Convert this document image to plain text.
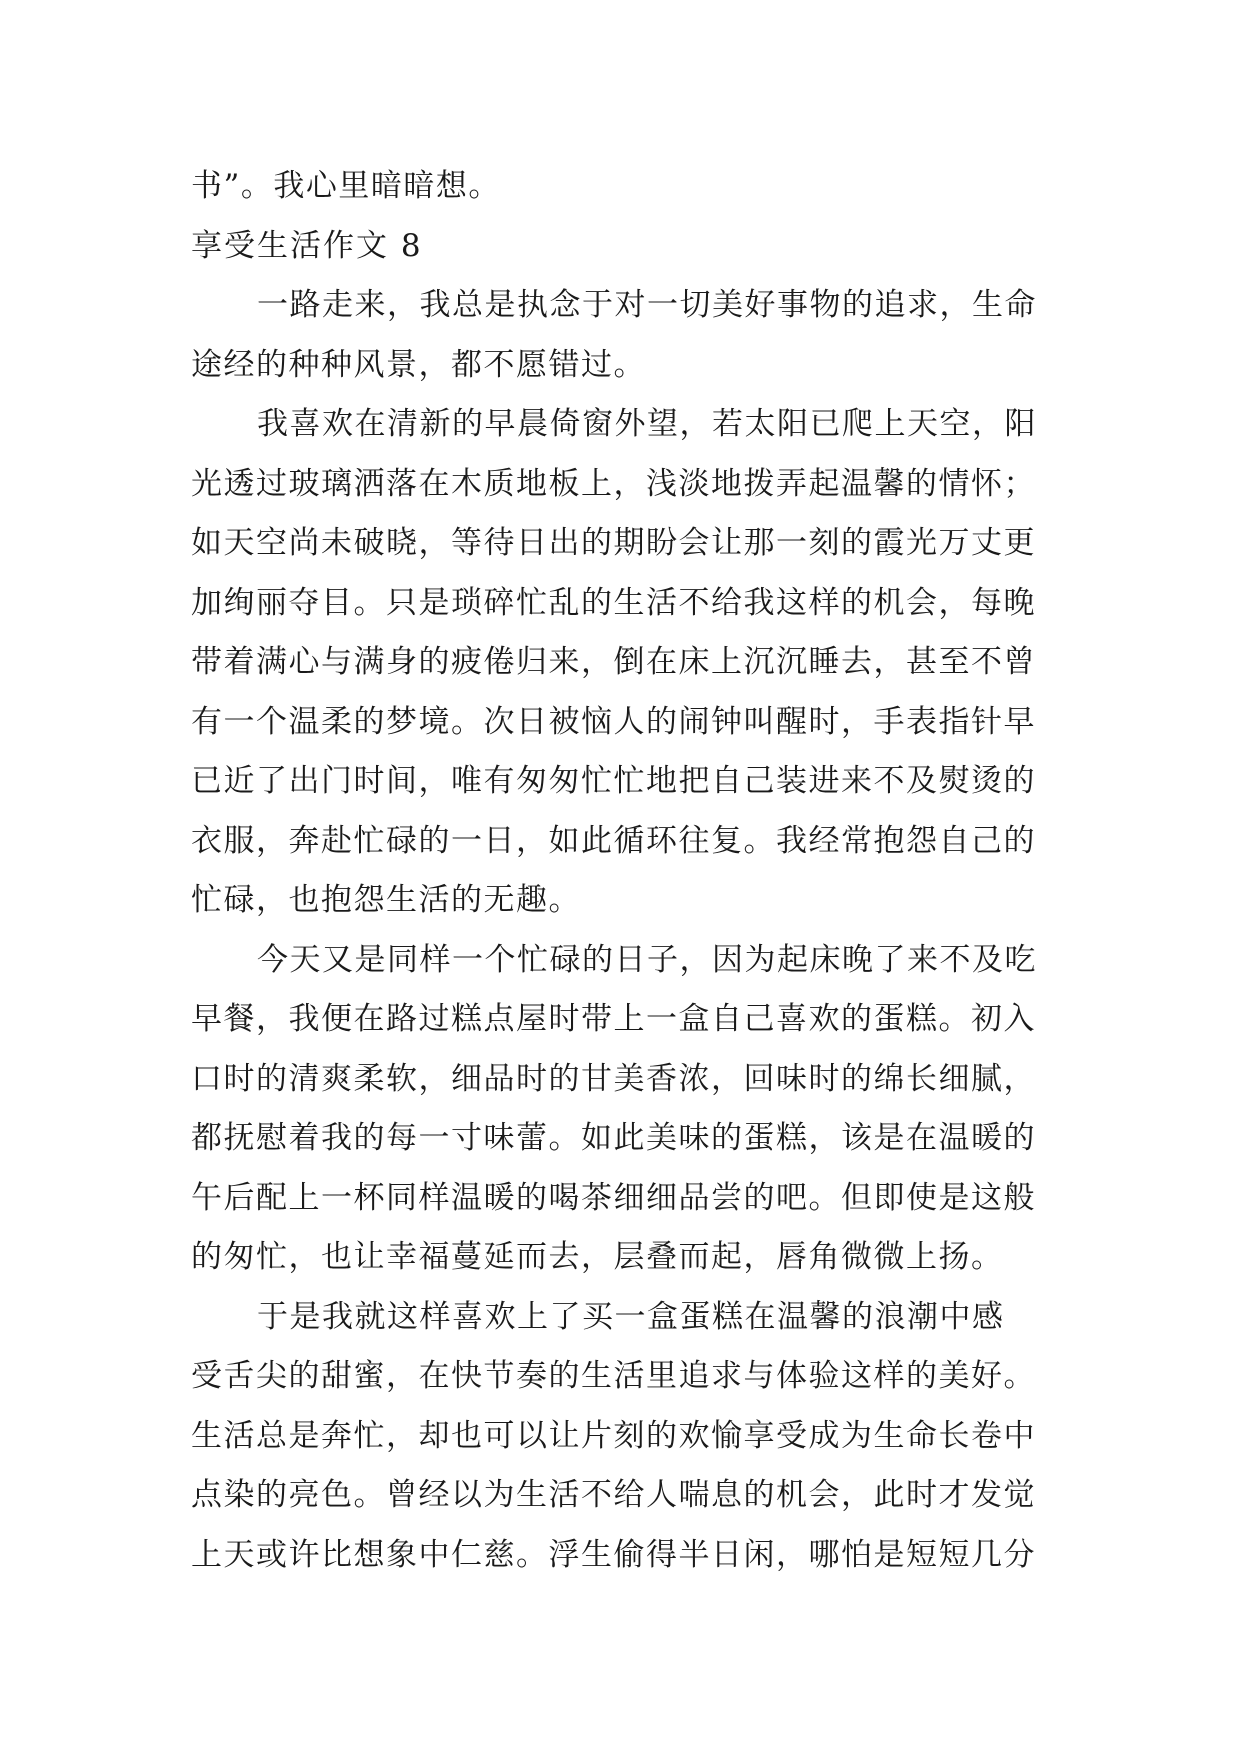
书”。我心里暗暗想。
享受生活作文 8
一路走来，我总是执念于对一切美好事物的追求，生命
途经的种种风景，都不愿错过。
我喜欢在清新的早晨倚窗外望，若太阳已爬上天空，阳
光透过玻璃洒落在木质地板上，浅淡地拨弄起温馨的情怀；
如天空尚未破晓，等待日出的期盼会让那一刻的霞光万丈更
加绚丽夺目。只是琐碎忙乱的生活不给我这样的机会，每晚
带着满心与满身的疲倦归来，倒在床上沉沉睡去，甚至不曾
有一个温柔的梦境。次日被恼人的闹钟叫醒时，手表指针早
已近了出门时间，唯有匆匆忙忙地把自己装进来不及熨烫的
衣服，奔赴忙碌的一日，如此循环往复。我经常抱怨自己的
忙碌，也抱怨生活的无趣。
今天又是同样一个忙碌的日子，因为起床晚了来不及吃
早餐，我便在路过糕点屋时带上一盒自己喜欢的蛋糕。初入
口时的清爽柔软，细品时的甘美香浓，回味时的绵长细腻，
都抚慰着我的每一寸味蕾。如此美味的蛋糕，该是在温暖的
午后配上一杯同样温暖的喝茶细细品尝的吧。但即使是这般
的匆忙，也让幸福蔓延而去，层叠而起，唇角微微上扬。
于是我就这样喜欢上了买一盒蛋糕在温馨的浪潮中感
受舌尖的甜蜜，在快节奏的生活里追求与体验这样的美好。
生活总是奔忙，却也可以让片刻的欢愉享受成为生命长卷中
点染的亮色。曾经以为生活不给人喘息的机会，此时才发觉
上天或许比想象中仁慈。浮生偷得半日闲，哪怕是短短几分
